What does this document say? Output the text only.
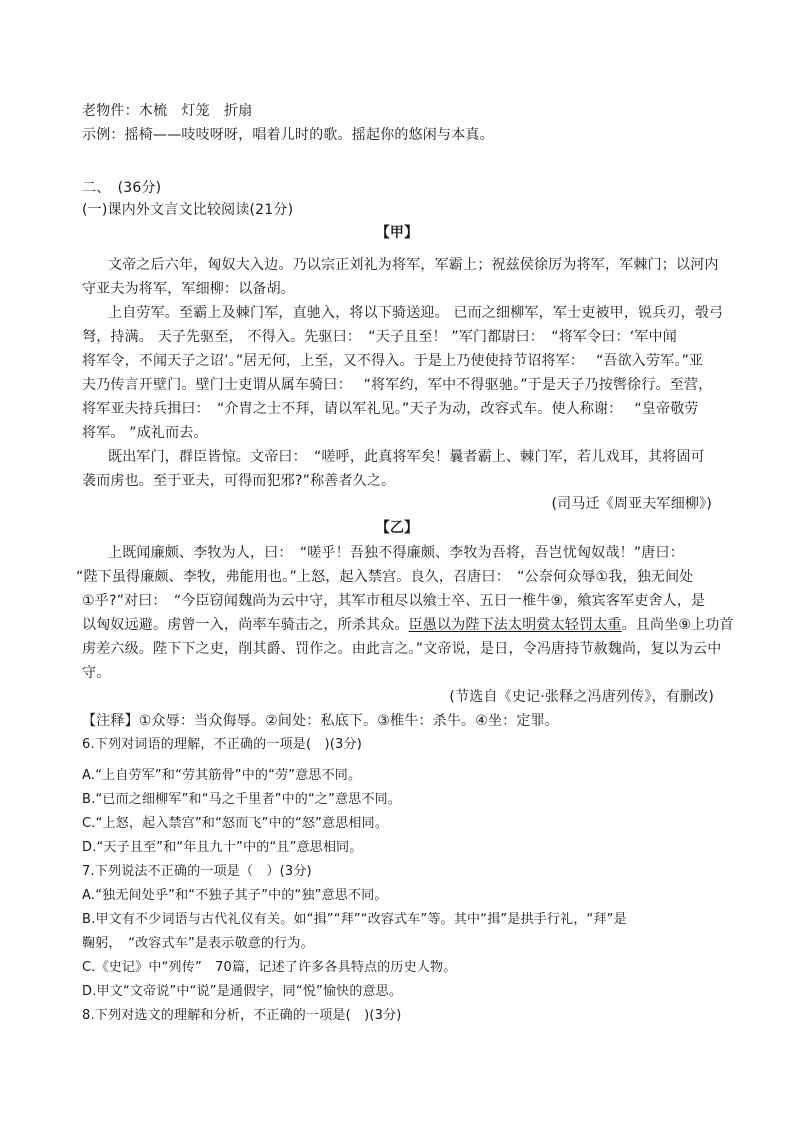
老物件：木梳　灯笼　折扇
示例：摇椅——吱吱呀呀，唱着儿时的歌。摇起你的悠闲与本真。
二、　(36分)
(一)课内外文言文比较阅读(21分)
【甲】
文帝之后六年，匈奴大入边。乃以宗正刘礼为将军，军霸上；祝兹侯徐厉为将军，军棘门；以河内
守亚夫为将军，军细柳：以备胡。
上自劳军。至霸上及棘门军，直驰入，将以下骑送迎。 已而之细柳军，军士吏被甲，锐兵刃，彀弓
弩，持满。 天子先驱至， 不得入。先驱曰：　“天子且至！ ”军门都尉曰：　“将军令曰：‘军中闻
将军令，不闻天子之诏’。”居无何，上至，又不得入。于是上乃使使持节诏将军：　 “吾欲入劳军。”亚
夫乃传言开壁门。壁门士吏谓从属车骑曰：　 “将军约，军中不得驱驰。”于是天子乃按辔徐行。至营，
将军亚夫持兵揖曰：　“介胄之士不拜，请以军礼见。”天子为动，改容式车。使人称谢：　 “皇帝敬劳
将军。 ”成礼而去。
既出军门，群臣皆惊。文帝曰：　“嗟呼，此真将军矣！曩者霸上、棘门军，若儿戏耳，其将固可
袭而虏也。至于亚夫，可得而犯邪?”称善者久之。
(司马迁《周亚夫军细柳》)
【乙】
上既闻廉颇、李牧为人，曰：　“嗟乎！吾独不得廉颇、李牧为吾将，吾岂忧匈奴哉！”唐曰：
“陛下虽得廉颇、李牧，弗能用也。”上怒，起入禁宫。良久，召唐曰：　“公奈何众辱①我，独无间处
①乎?”对曰：　“今臣窃闻魏尚为云中守，其军市租尽以飨士卒、五日一椎牛⑨，飨宾客军吏舍人，是
以匈奴远避。虏曾一入，尚率车骑击之，所杀其众。臣愚以为陛下法太明赏太轻罚太重。且尚坐⑨上功首
虏差六级。陛下下之吏，削其爵、罚作之。由此言之。”文帝说，是日，令冯唐持节赦魏尚，复以为云中
守。
(节选自《史记·张释之冯唐列传》，有删改)
【注释】①众辱：当众侮辱。②间处：私底下。③椎牛：杀牛。④坐：定罪。
6.下列对词语的理解，不正确的一项是(　)(3分)
A.“上自劳军”和“劳其筋骨”中的“劳”意思不同。
B.“已而之细柳军”和“马之千里者”中的“之”意思不同。
C.“上怒，起入禁宫”和“怒而飞”中的“怒”意思相同。
D.“天子且至”和“年且九十”中的“且”意思相同。
7.下列说法不正确的一项是（　）(3分)
A.“独无间处乎”和“不独子其子”中的“独”意思不同。
B.甲文有不少词语与古代礼仪有关。如“揖”“拜”“改容式车”等。其中“揖”是拱手行礼，“拜”是
鞠躬，　“改容式车”是表示敬意的行为。
C.《史记》中“列传”　70篇，记述了许多各具特点的历史人物。
D.甲文“文帝说”中“说”是通假字，同“悦”愉快的意思。
8.下列对选文的理解和分析，不正确的一项是(　)(3分)
